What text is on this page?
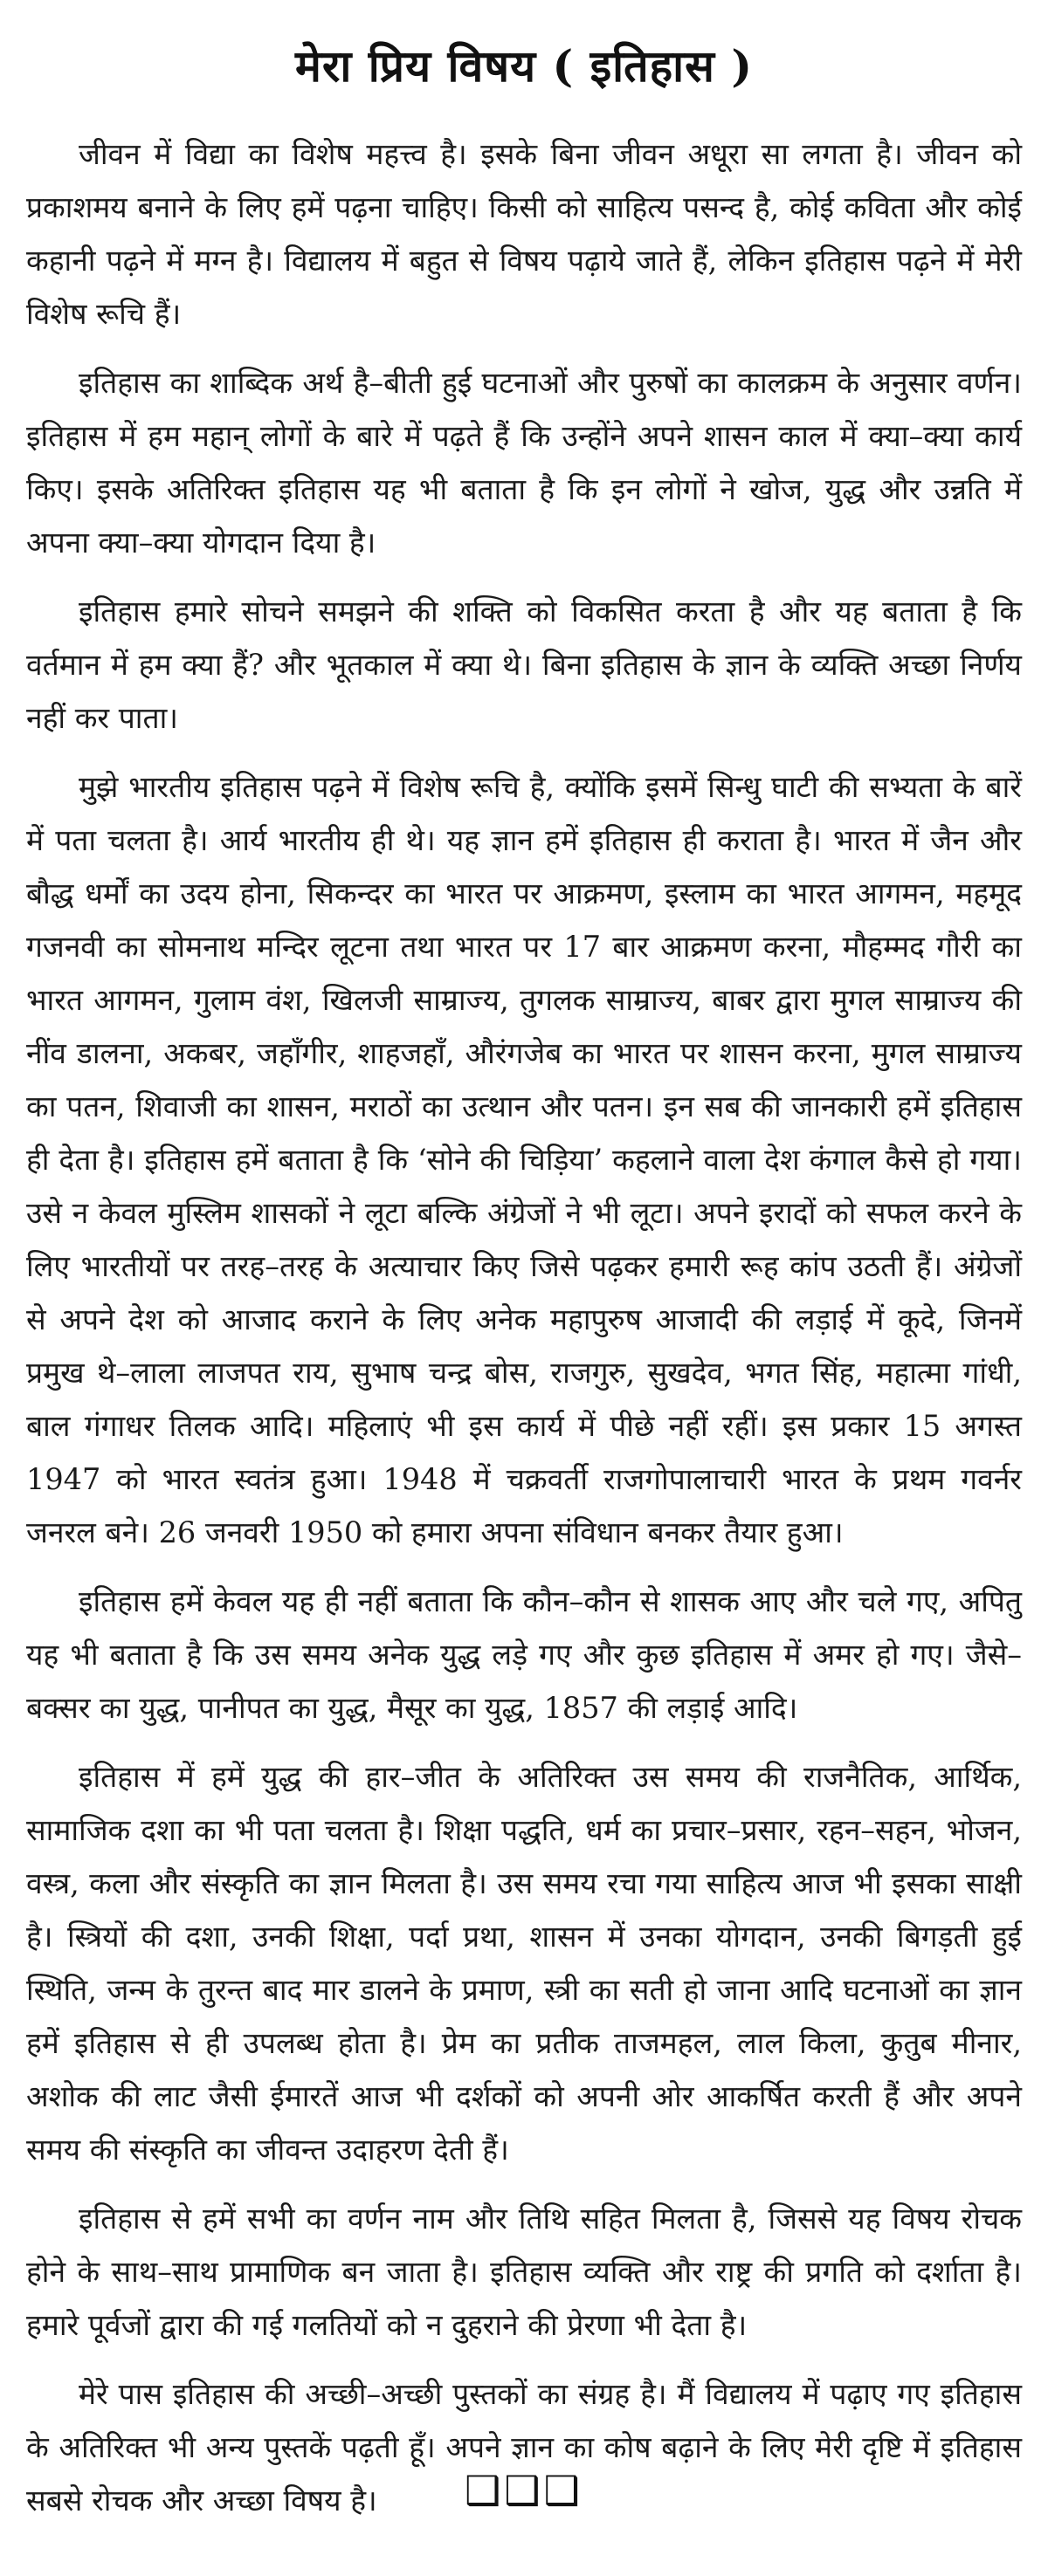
मेरा प्रिय विषय ( इतिहास )

जीवन में विद्या का विशेष महत्त्व है। इसके बिना जीवन अधूरा सा लगता है। जीवन को प्रकाशमय बनाने के लिए हमें पढ़ना चाहिए। किसी को साहित्य पसन्द है, कोई कविता और कोई कहानी पढ़ने में मग्न है। विद्यालय में बहुत से विषय पढ़ाये जाते हैं, लेकिन इतिहास पढ़ने में मेरी विशेष रूचि हैं।

इतिहास का शाब्दिक अर्थ है–बीती हुई घटनाओं और पुरुषों का कालक्रम के अनुसार वर्णन। इतिहास में हम महान् लोगों के बारे में पढ़ते हैं कि उन्होंने अपने शासन काल में क्या–क्या कार्य किए। इसके अतिरिक्त इतिहास यह भी बताता है कि इन लोगों ने खोज, युद्ध और उन्नति में अपना क्या–क्या योगदान दिया है।

इतिहास हमारे सोचने समझने की शक्ति को विकसित करता है और यह बताता है कि वर्तमान में हम क्या हैं? और भूतकाल में क्या थे। बिना इतिहास के ज्ञान के व्यक्ति अच्छा निर्णय नहीं कर पाता।

मुझे भारतीय इतिहास पढ़ने में विशेष रूचि है, क्योंकि इसमें सिन्धु घाटी की सभ्यता के बारें में पता चलता है। आर्य भारतीय ही थे। यह ज्ञान हमें इतिहास ही कराता है। भारत में जैन और बौद्ध धर्मों का उदय होना, सिकन्दर का भारत पर आक्रमण, इस्लाम का भारत आगमन, महमूद गजनवी का सोमनाथ मन्दिर लूटना तथा भारत पर 17 बार आक्रमण करना, मौहम्मद गौरी का भारत आगमन, गुलाम वंश, खिलजी साम्राज्य, तुगलक साम्राज्य, बाबर द्वारा मुगल साम्राज्य की नींव डालना, अकबर, जहाँगीर, शाहजहाँ, औरंगजेब का भारत पर शासन करना, मुगल साम्राज्य का पतन, शिवाजी का शासन, मराठों का उत्थान और पतन। इन सब की जानकारी हमें इतिहास ही देता है। इतिहास हमें बताता है कि ‘सोने की चिड़िया’ कहलाने वाला देश कंगाल कैसे हो गया। उसे न केवल मुस्लिम शासकों ने लूटा बल्कि अंग्रेजों ने भी लूटा। अपने इरादों को सफल करने के लिए भारतीयों पर तरह–तरह के अत्याचार किए जिसे पढ़कर हमारी रूह कांप उठती हैं। अंग्रेजों से अपने देश को आजाद कराने के लिए अनेक महापुरुष आजादी की लड़ाई में कूदे, जिनमें प्रमुख थे–लाला लाजपत राय, सुभाष चन्द्र बोस, राजगुरु, सुखदेव, भगत सिंह, महात्मा गांधी, बाल गंगाधर तिलक आदि। महिलाएं भी इस कार्य में पीछे नहीं रहीं। इस प्रकार 15 अगस्त 1947 को भारत स्वतंत्र हुआ। 1948 में चक्रवर्ती राजगोपालाचारी भारत के प्रथम गवर्नर जनरल बने। 26 जनवरी 1950 को हमारा अपना संविधान बनकर तैयार हुआ।

इतिहास हमें केवल यह ही नहीं बताता कि कौन–कौन से शासक आए और चले गए, अपितु यह भी बताता है कि उस समय अनेक युद्ध लड़े गए और कुछ इतिहास में अमर हो गए। जैसे–बक्सर का युद्ध, पानीपत का युद्ध, मैसूर का युद्ध, 1857 की लड़ाई आदि।

इतिहास में हमें युद्ध की हार–जीत के अतिरिक्त उस समय की राजनैतिक, आर्थिक, सामाजिक दशा का भी पता चलता है। शिक्षा पद्धति, धर्म का प्रचार–प्रसार, रहन–सहन, भोजन, वस्त्र, कला और संस्कृति का ज्ञान मिलता है। उस समय रचा गया साहित्य आज भी इसका साक्षी है। स्त्रियों की दशा, उनकी शिक्षा, पर्दा प्रथा, शासन में उनका योगदान, उनकी बिगड़ती हुई स्थिति, जन्म के तुरन्त बाद मार डालने के प्रमाण, स्त्री का सती हो जाना आदि घटनाओं का ज्ञान हमें इतिहास से ही उपलब्ध होता है। प्रेम का प्रतीक ताजमहल, लाल किला, कुतुब मीनार, अशोक की लाट जैसी ईमारतें आज भी दर्शकों को अपनी ओर आकर्षित करती हैं और अपने समय की संस्कृति का जीवन्त उदाहरण देती हैं।

इतिहास से हमें सभी का वर्णन नाम और तिथि सहित मिलता है, जिससे यह विषय रोचक होने के साथ–साथ प्रामाणिक बन जाता है। इतिहास व्यक्ति और राष्ट्र की प्रगति को दर्शाता है। हमारे पूर्वजों द्वारा की गई गलतियों को न दुहराने की प्रेरणा भी देता है।

मेरे पास इतिहास की अच्छी–अच्छी पुस्तकों का संग्रह है। मैं विद्यालय में पढ़ाए गए इतिहास के अतिरिक्त भी अन्य पुस्तकें पढ़ती हूँ। अपने ज्ञान का कोष बढ़ाने के लिए मेरी दृष्टि में इतिहास सबसे रोचक और अच्छा विषय है।	❑❑❑
